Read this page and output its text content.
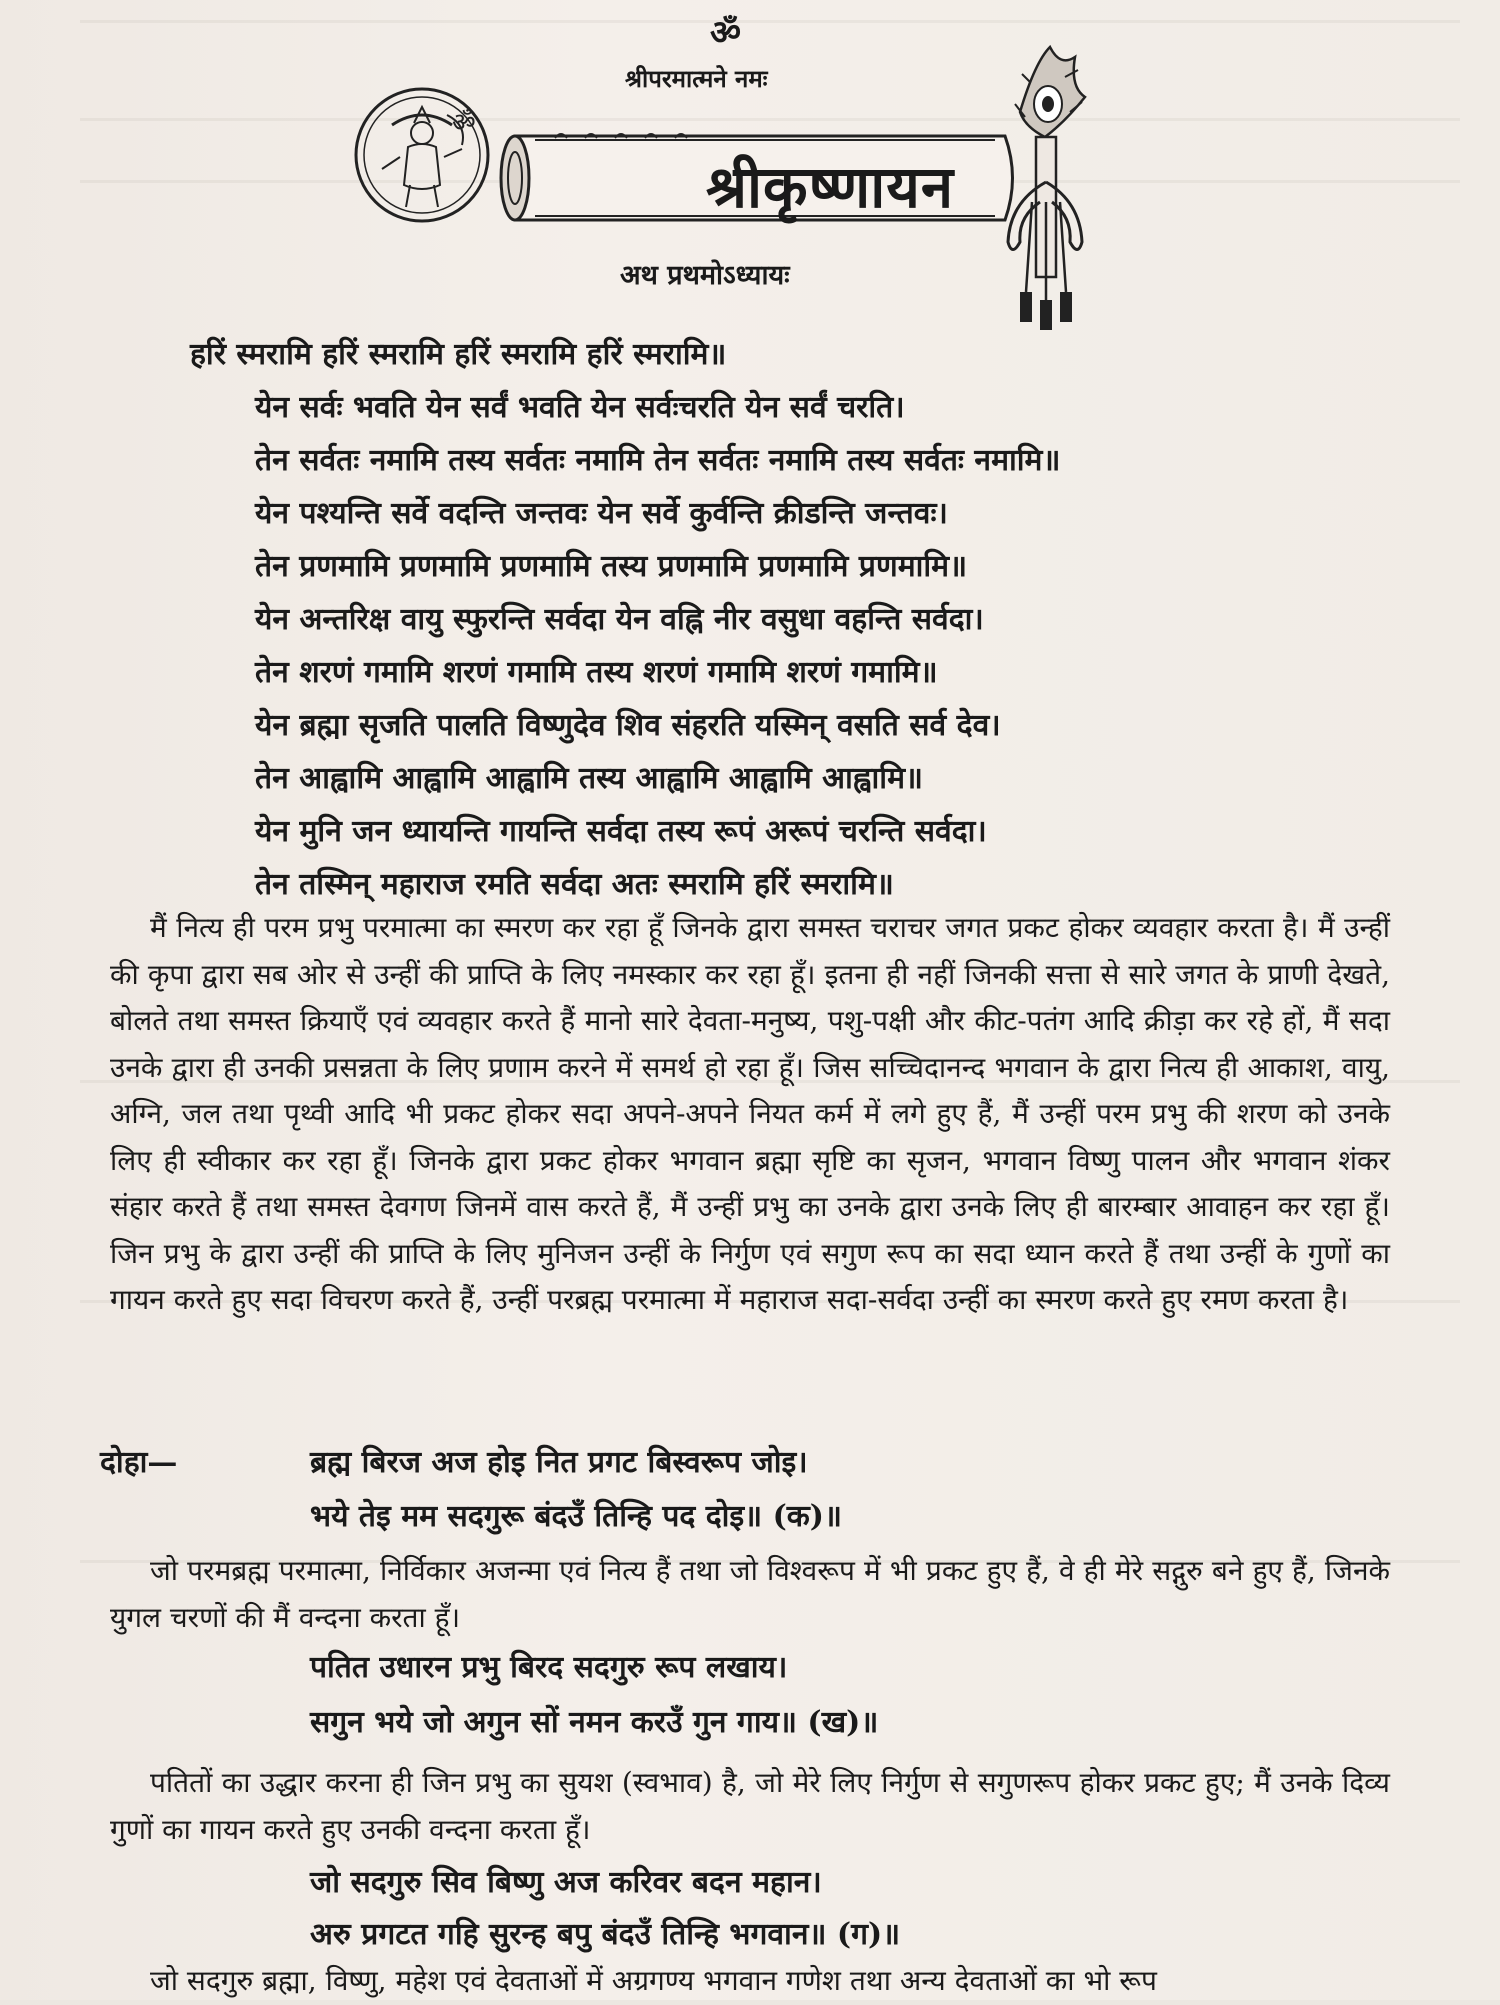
ॐ
श्रीपरमात्मने नमः
ॐ
श्रीकृष्णायन
अथ प्रथमोऽध्यायः
हरिं स्मरामि हरिं स्मरामि हरिं स्मरामि हरिं स्मरामि॥
येन सर्वः भवति येन सर्वं भवति येन सर्वःचरति येन सर्वं चरति।
तेन सर्वतः नमामि तस्य सर्वतः नमामि तेन सर्वतः नमामि तस्य सर्वतः नमामि॥
येन पश्यन्ति सर्वे वदन्ति जन्तवः येन सर्वे कुर्वन्ति क्रीडन्ति जन्तवः।
तेन प्रणमामि प्रणमामि प्रणमामि तस्य प्रणमामि प्रणमामि प्रणमामि॥
येन अन्तरिक्ष वायु स्फुरन्ति सर्वदा येन वह्नि नीर वसुधा वहन्ति सर्वदा।
तेन शरणं गमामि शरणं गमामि तस्य शरणं गमामि शरणं गमामि॥
येन ब्रह्मा सृजति पालति विष्णुदेव शिव संहरति यस्मिन् वसति सर्व देव।
तेन आह्वामि आह्वामि आह्वामि तस्य आह्वामि आह्वामि आह्वामि॥
येन मुनि जन ध्यायन्ति गायन्ति सर्वदा तस्य रूपं अरूपं चरन्ति सर्वदा।
तेन तस्मिन् महाराज रमति सर्वदा अतः स्मरामि हरिं स्मरामि॥
मैं नित्य ही परम प्रभु परमात्मा का स्मरण कर रहा हूँ जिनके द्वारा समस्त चराचर जगत प्रकट होकर व्यवहार करता है। मैं उन्हीं की कृपा द्वारा सब ओर से उन्हीं की प्राप्ति के लिए नमस्कार कर रहा हूँ। इतना ही नहीं जिनकी सत्ता से सारे जगत के प्राणी देखते, बोलते तथा समस्त क्रियाएँ एवं व्यवहार करते हैं मानो सारे देवता-मनुष्य, पशु-पक्षी और कीट-पतंग आदि क्रीड़ा कर रहे हों, मैं सदा उनके द्वारा ही उनकी प्रसन्नता के लिए प्रणाम करने में समर्थ हो रहा हूँ। जिस सच्चिदानन्द भगवान के द्वारा नित्य ही आकाश, वायु, अग्नि, जल तथा पृथ्वी आदि भी प्रकट होकर सदा अपने-अपने नियत कर्म में लगे हुए हैं, मैं उन्हीं परम प्रभु की शरण को उनके लिए ही स्वीकार कर रहा हूँ। जिनके द्वारा प्रकट होकर भगवान ब्रह्मा सृष्टि का सृजन, भगवान विष्णु पालन और भगवान शंकर संहार करते हैं तथा समस्त देवगण जिनमें वास करते हैं, मैं उन्हीं प्रभु का उनके द्वारा उनके लिए ही बारम्बार आवाहन कर रहा हूँ। जिन प्रभु के द्वारा उन्हीं की प्राप्ति के लिए मुनिजन उन्हीं के निर्गुण एवं सगुण रूप का सदा ध्यान करते हैं तथा उन्हीं के गुणों का गायन करते हुए सदा विचरण करते हैं, उन्हीं परब्रह्म परमात्मा में महाराज सदा-सर्वदा उन्हीं का स्मरण करते हुए रमण करता है।
दोहा—	ब्रह्म बिरज अज होइ नित प्रगट बिस्वरूप जोइ।
भये तेइ मम सदगुरू बंदउँ तिन्हि पद दोइ॥ (क)॥
जो परमब्रह्म परमात्मा, निर्विकार अजन्मा एवं नित्य हैं तथा जो विश्वरूप में भी प्रकट हुए हैं, वे ही मेरे सद्गुरु बने हुए हैं, जिनके युगल चरणों की मैं वन्दना करता हूँ।
पतित उधारन प्रभु बिरद सदगुरु रूप लखाय।
सगुन भये जो अगुन सों नमन करउँ गुन गाय॥ (ख)॥
पतितों का उद्धार करना ही जिन प्रभु का सुयश (स्वभाव) है, जो मेरे लिए निर्गुण से सगुणरूप होकर प्रकट हुए; मैं उनके दिव्य गुणों का गायन करते हुए उनकी वन्दना करता हूँ।
जो सदगुरु सिव बिष्णु अज करिवर बदन महान।
अरु प्रगटत गहि सुरन्ह बपु बंदउँ तिन्हि भगवान॥ (ग)॥
जो सदगुरु ब्रह्मा, विष्णु, महेश एवं देवताओं में अग्रगण्य भगवान गणेश तथा अन्य देवताओं का भो रूप
